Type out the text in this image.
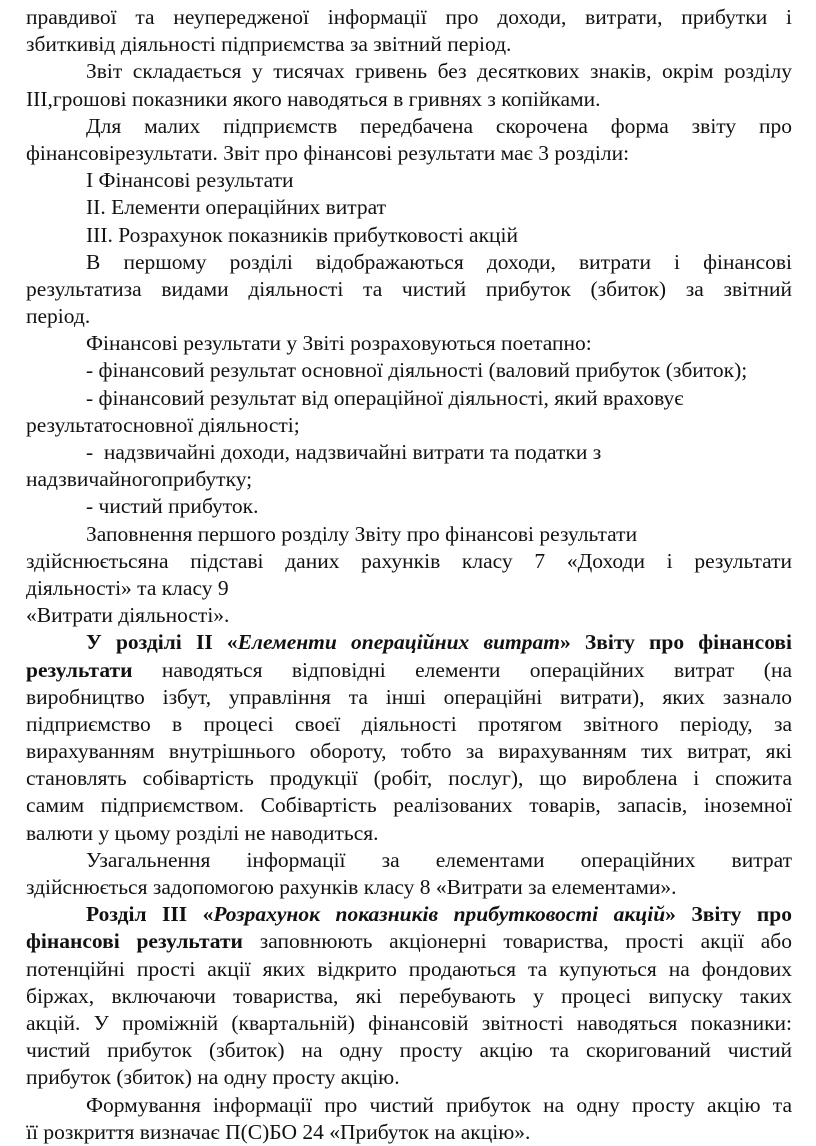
правдивої та неупередженої інформації про доходи, витрати, прибутки і
збиткивід діяльності підприємства за звітний період.
Звіт складається у тисячах гривень без десяткових знаків, окрім розділу
ІІІ,грошові показники якого наводяться в гривнях з копійками.
Для малих підприємств передбачена скорочена форма звіту про
фінансовірезультати. Звіт про фінансові результати має 3 розділи:
І Фінансові результати
ІІ. Елементи операційних витрат
ІІІ. Розрахунок показників прибутковості акцій
В першому розділі відображаються доходи, витрати і фінансові
результатиза видами діяльності та чистий прибуток (збиток) за звітний
період.
Фінансові результати у Звіті розраховуються поетапно:
- фінансовий результат основної діяльності (валовий прибуток (збиток);
- фінансовий результат від операційної діяльності, який враховує
результатосновної діяльності;
-  надзвичайні доходи, надзвичайні витрати та податки з
надзвичайногоприбутку;
- чистий прибуток.
Заповнення першого розділу Звіту про фінансові результати
здійснюєтьсяна підставі даних рахунків класу 7 «Доходи і результати
діяльності» та класу 9
«Витрати діяльності».
У розділі ІІ «Елементи операційних витрат» Звіту про фінансові
результати наводяться відповідні елементи операційних витрат (на
виробництво ізбут, управління та інші операційні витрати), яких зазнало
підприємство в процесі своєї діяльності протягом звітного періоду, за
вирахуванням внутрішнього обороту, тобто за вирахуванням тих витрат, які
становлять собівартість продукції (робіт, послуг), що вироблена і спожита
самим підприємством. Собівартість реалізованих товарів, запасів, іноземної
валюти у цьому розділі не наводиться.
Узагальнення інформації за елементами операційних витрат
здійснюється задопомогою рахунків класу 8 «Витрати за елементами».
Розділ ІІІ «Розрахунок показників прибутковості акцій» Звіту про
фінансові результати заповнюють акціонерні товариства, прості акції або
потенційні прості акції яких відкрито продаються та купуються на фондових
біржах, включаючи товариства, які перебувають у процесі випуску таких
акцій. У проміжній (квартальній) фінансовій звітності наводяться показники:
чистий прибуток (збиток) на одну просту акцію та скоригований чистий
прибуток (збиток) на одну просту акцію.
Формування інформації про чистий прибуток на одну просту акцію та
її розкриття визначає П(С)БО 24 «Прибуток на акцію».
